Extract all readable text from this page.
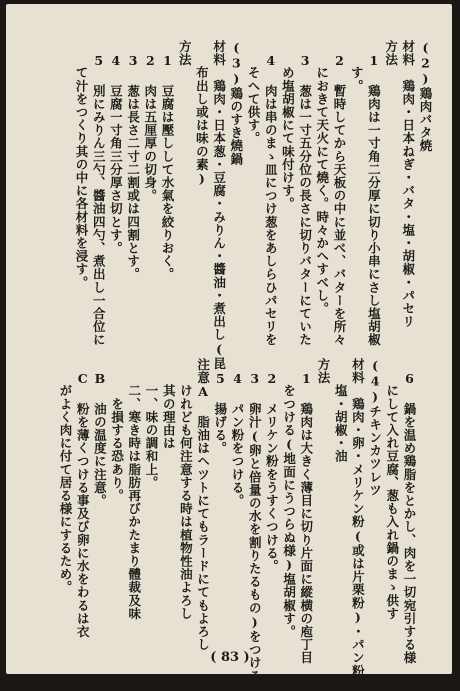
(2)鶏肉バタ焼
材料　鶏肉・日本ねぎ・バタ・塩・胡椒・パセリ
方法
　1 鶏肉は一寸角二分厚に切り小串にさし塩胡椒
　　す。
　2 暫時してから天板の中に並べ、バターを所々
　　におきて天火にて燒く。時々かへすべし。
　3 葱は一寸五分位の長さに切りバターにていた
　　め塩胡椒にて味付けす。
　4 肉は串のまゝ皿につけ葱をあしらひパセリを
　　そへて供す。
(3)鶏のすき燒鍋
材料　鶏肉・日本葱・豆腐・みりん・醬油・煮出し(昆
　　布出し或は味の素)
方法
　1 豆腐は壓しして水氣を絞りおく。
　2 肉は五厘厚の切身。
　3 葱は長さ二寸二割或は四割とす。
　4 豆腐一寸角三分厚さ切とす。
　5 別にみりん三勺、醬油四勺、煮出し一合位に
　　て汁をつくり其の中に各材料を浸す。
　6 鍋を温め鶏脂をとかし、肉を一切宛引する様
　　にして入れ豆腐、葱も入れ鍋のまゝ供す
(4)チキンカツレツ
材料　鶏肉・卵・メリケン粉(或は片栗粉)・パン粉・
　　塩・胡椒・油
方法
　1 鶏肉は大きく薄目に切り片面に縱横の庖丁目
　　をつける(地面にうつらぬ様)塩胡椒す。
　2 メリケン粉をうすくつける。
　3 卵汁(卵と倍量の水を割りたるもの)をつける
　4 パン粉をつける。
　5 揚げる。
注意A 脂油はヘツトにてもラードにてもよろし
　　けれども何注意する時は植物性油よろし
　　其の理由は
　　一、味の調和上。
　　二、寒き時は脂肪再びかたまり體裁及味
　　　を損する恐あり。
　B 油の温度に注意。
　C 粉を薄くつける事及び卵に水をわるは衣
　　がよく肉に付て居る様にするため。
( 83 )
